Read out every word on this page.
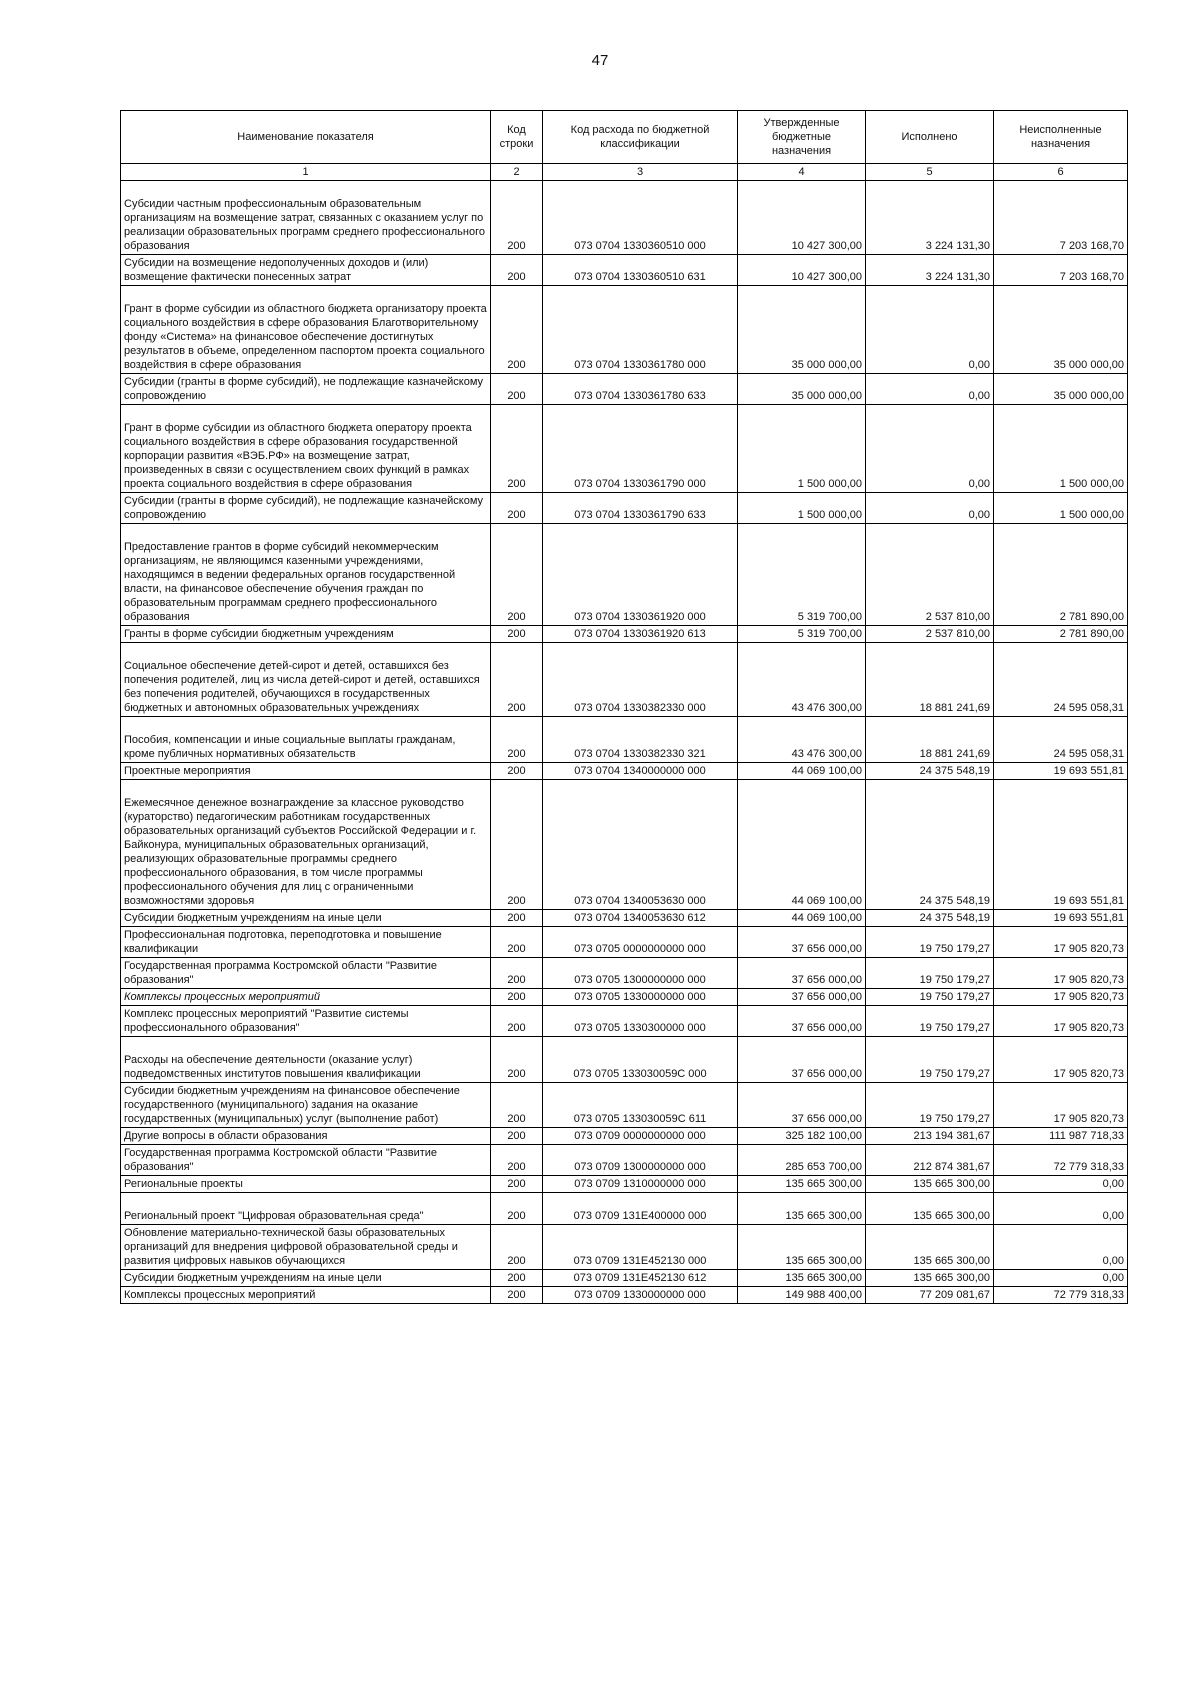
47
Наименование показателя	Код строки	Код расхода по бюджетной классификации	Утвержденные бюджетные назначения	Исполнено	Неисполненные назначения
1	2	3	4	5	6
Субсидии частным профессиональным образовательным организациям на возмещение затрат, связанных с оказанием услуг по реализации образовательных программ среднего профессионального образования	200	073 0704 1330360510 000	10 427 300,00	3 224 131,30	7 203 168,70
Субсидии на возмещение недополученных доходов и (или) возмещение фактически понесенных затрат	200	073 0704 1330360510 631	10 427 300,00	3 224 131,30	7 203 168,70
Грант в форме субсидии из областного бюджета организатору проекта социального воздействия в сфере образования Благотворительному фонду «Система» на финансовое обеспечение достигнутых результатов в объеме, определенном паспортом проекта социального воздействия в сфере образования	200	073 0704 1330361780 000	35 000 000,00	0,00	35 000 000,00
Субсидии (гранты в форме субсидий), не подлежащие казначейскому сопровождению	200	073 0704 1330361780 633	35 000 000,00	0,00	35 000 000,00
Грант в форме субсидии из областного бюджета оператору проекта социального воздействия в сфере образования государственной корпорации развития «ВЭБ.РФ» на возмещение затрат, произведенных в связи с осуществлением своих функций в рамках проекта социального воздействия в сфере образования	200	073 0704 1330361790 000	1 500 000,00	0,00	1 500 000,00
Субсидии (гранты в форме субсидий), не подлежащие казначейскому сопровождению	200	073 0704 1330361790 633	1 500 000,00	0,00	1 500 000,00
Предоставление грантов в форме субсидий некоммерческим организациям, не являющимся казенными учреждениями, находящимся в ведении федеральных органов государственной власти, на финансовое обеспечение обучения граждан по образовательным программам среднего профессионального образования	200	073 0704 1330361920 000	5 319 700,00	2 537 810,00	2 781 890,00
Гранты в форме субсидии бюджетным учреждениям	200	073 0704 1330361920 613	5 319 700,00	2 537 810,00	2 781 890,00
Социальное обеспечение детей-сирот и детей, оставшихся без попечения родителей, лиц из числа детей-сирот и детей, оставшихся без попечения родителей, обучающихся в государственных бюджетных и автономных образовательных учреждениях	200	073 0704 1330382330 000	43 476 300,00	18 881 241,69	24 595 058,31
Пособия, компенсации и иные социальные выплаты гражданам, кроме публичных нормативных обязательств	200	073 0704 1330382330 321	43 476 300,00	18 881 241,69	24 595 058,31
Проектные мероприятия	200	073 0704 1340000000 000	44 069 100,00	24 375 548,19	19 693 551,81
Ежемесячное денежное вознаграждение за классное руководство (кураторство) педагогическим работникам государственных образовательных организаций субъектов Российской Федерации и г. Байконура, муниципальных образовательных организаций, реализующих образовательные программы среднего профессионального образования, в том числе программы профессионального обучения для лиц с ограниченными возможностями здоровья	200	073 0704 1340053630 000	44 069 100,00	24 375 548,19	19 693 551,81
Субсидии бюджетным учреждениям на иные цели	200	073 0704 1340053630 612	44 069 100,00	24 375 548,19	19 693 551,81
Профессиональная подготовка, переподготовка и повышение квалификации	200	073 0705 0000000000 000	37 656 000,00	19 750 179,27	17 905 820,73
Государственная программа Костромской области "Развитие образования"	200	073 0705 1300000000 000	37 656 000,00	19 750 179,27	17 905 820,73
Комплексы процессных мероприятий	200	073 0705 1330000000 000	37 656 000,00	19 750 179,27	17 905 820,73
Комплекс процессных мероприятий "Развитие системы профессионального образования"	200	073 0705 1330300000 000	37 656 000,00	19 750 179,27	17 905 820,73
Расходы на обеспечение деятельности (оказание услуг) подведомственных институтов повышения квалификации	200	073 0705 133030059С 000	37 656 000,00	19 750 179,27	17 905 820,73
Субсидии бюджетным учреждениям на финансовое обеспечение государственного (муниципального) задания на оказание государственных (муниципальных) услуг (выполнение работ)	200	073 0705 133030059С 611	37 656 000,00	19 750 179,27	17 905 820,73
Другие вопросы в области образования	200	073 0709 0000000000 000	325 182 100,00	213 194 381,67	111 987 718,33
Государственная программа Костромской области "Развитие образования"	200	073 0709 1300000000 000	285 653 700,00	212 874 381,67	72 779 318,33
Региональные проекты	200	073 0709 1310000000 000	135 665 300,00	135 665 300,00	0,00
Региональный проект "Цифровая образовательная среда"	200	073 0709 131Е400000 000	135 665 300,00	135 665 300,00	0,00
Обновление материально-технической базы образовательных организаций для внедрения цифровой образовательной среды и развития цифровых навыков обучающихся	200	073 0709 131Е452130 000	135 665 300,00	135 665 300,00	0,00
Субсидии бюджетным учреждениям на иные цели	200	073 0709 131Е452130 612	135 665 300,00	135 665 300,00	0,00
Комплексы процессных мероприятий	200	073 0709 1330000000 000	149 988 400,00	77 209 081,67	72 779 318,33
